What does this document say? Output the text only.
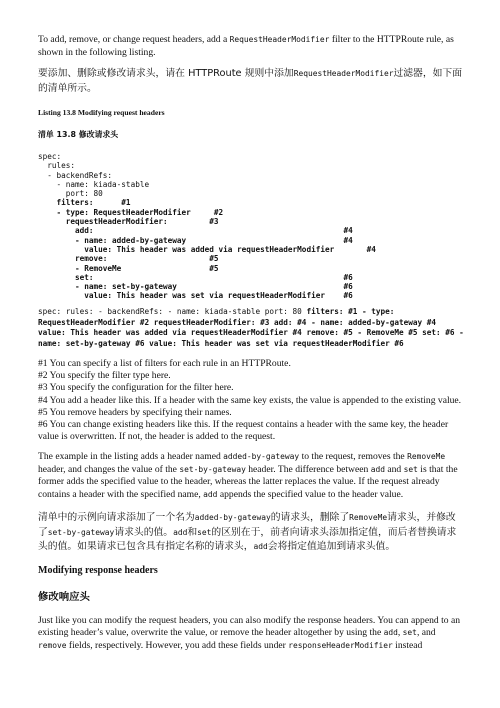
To add, remove, or change request headers, add a RequestHeaderModifier filter to the HTTPRoute rule, as shown in the following listing.

要添加、删除或修改请求头，请在 HTTPRoute 规则中添加RequestHeaderModifier过滤器，如下面的清单所示。

Listing 13.8 Modifying request headers

清单 13.8 修改请求头

spec:
rules:
- backendRefs:
- name: kiada-stable
port: 80
filters:      #1
- type: RequestHeaderModifier     #2
requestHeaderModifier:         #3
add:                                                      #4
- name: added-by-gateway                                  #4
value: This header was added via requestHeaderModifier       #4
remove:                      #5
- RemoveMe                   #5
set:                                                      #6
- name: set-by-gateway                                    #6
value: This header was set via requestHeaderModifier    #6

spec: rules: - backendRefs: - name: kiada-stable port: 80 filters: #1 - type: RequestHeaderModifier #2 requestHeaderModifier: #3 add: #4 - name: added-by-gateway #4 value: This header was added via requestHeaderModifier #4 remove: #5 - RemoveMe #5 set: #6 - name: set-by-gateway #6 value: This header was set via requestHeaderModifier #6

#1 You can specify a list of filters for each rule in an HTTPRoute.

#2 You specify the filter type here.

#3 You specify the configuration for the filter here.

#4 You add a header like this. If a header with the same key exists, the value is appended to the existing value.

#5 You remove headers by specifying their names.

#6 You can change existing headers like this. If the request contains a header with the same key, the header value is overwritten. If not, the header is added to the request.

The example in the listing adds a header named added-by-gateway to the request, removes the RemoveMe header, and changes the value of the set-by-gateway header. The difference between add and set is that the former adds the specified value to the header, whereas the latter replaces the value. If the request already contains a header with the specified name, add appends the specified value to the header value.

清单中的示例向请求添加了一个名为added-by-gateway的请求头，删除了RemoveMe请求头，并修改了set-by-gateway请求头的值。add和set的区别在于，前者向请求头添加指定值，而后者替换请求头的值。如果请求已包含具有指定名称的请求头，add会将指定值追加到请求头值。

Modifying response headers

修改响应头

Just like you can modify the request headers, you can also modify the response headers. You can append to an existing header’s value, overwrite the value, or remove the header altogether by using the add, set, and remove fields, respectively. However, you add these fields under responseHeaderModifier instead
